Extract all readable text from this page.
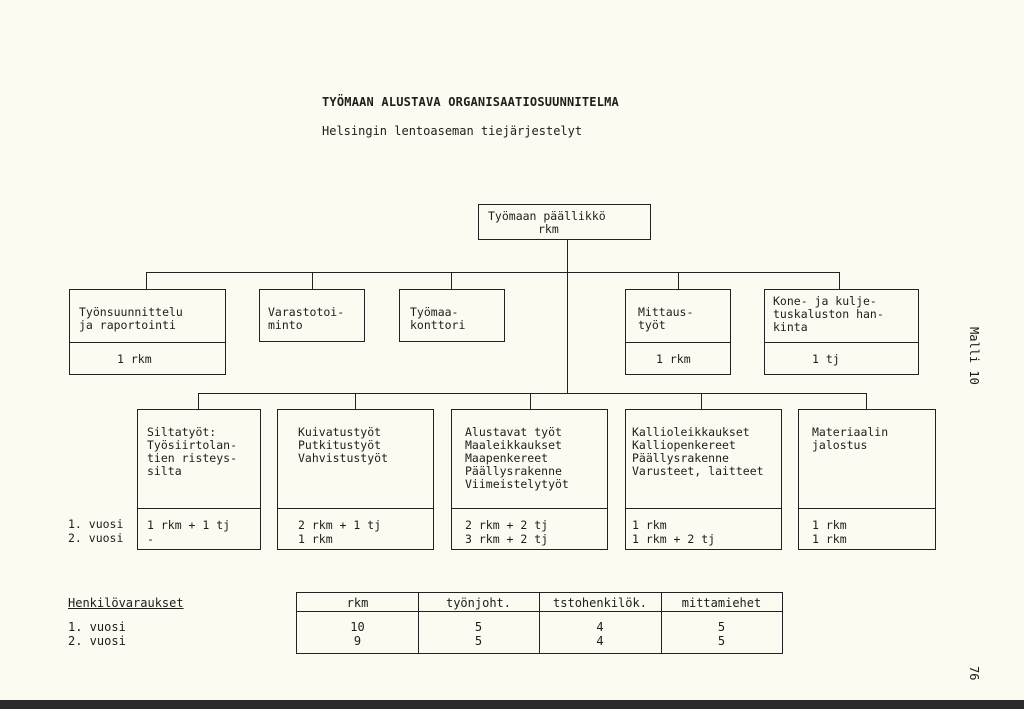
TYÖMAAN ALUSTAVA ORGANISAATIOSUUNNITELMA
Helsingin lentoaseman tiejärjestelyt
Työmaan päällikkö
rkm
Työnsuunnittelu
ja raportointi
1 rkm
Varastotoi-
minto
Työmaa-
konttori
Mittaus-
työt
1 rkm
Kone- ja kulje-
tuskaluston han-
kinta
1 tj
Siltatyöt:
Työsiirtolan-
tien risteys-
silta
1 rkm + 1 tj
-
Kuivatustyöt
Putkitustyöt
Vahvistustyöt
2 rkm + 1 tj
1 rkm
Alustavat työt
Maaleikkaukset
Maapenkereet
Päällysrakenne
Viimeistelytyöt
2 rkm + 2 tj
3 rkm + 2 tj
Kallioleikkaukset
Kalliopenkereet
Päällysrakenne
Varusteet, laitteet
1 rkm
1 rkm + 2 tj
Materiaalin
jalostus
1 rkm
1 rkm
1. vuosi
2. vuosi
Henkilövaraukset
1. vuosi
2. vuosi
rkm	työnjoht.	tstohenkilök.	mittamiehet
10	5	4	5
9	5	4	5
Malli 10
76
